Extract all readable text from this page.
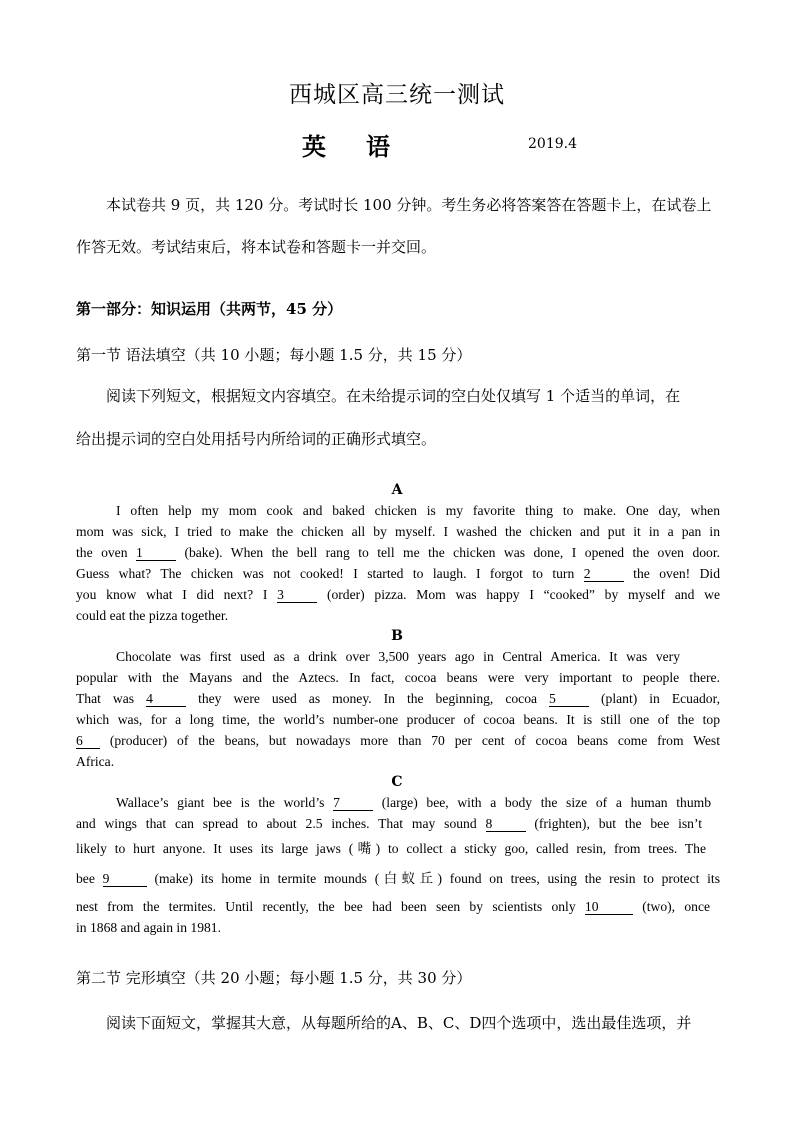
西城区高三统一测试
英语	2019.4
本试卷共 9 页，共 120 分。考试时长 100 分钟。考生务必将答案答在答题卡上，在试卷上
作答无效。考试结束后，将本试卷和答题卡一并交回。
第一部分：知识运用（共两节，45 分）
第一节 语法填空（共 10 小题；每小题 1.5 分，共 15 分）
阅读下列短文，根据短文内容填空。在未给提示词的空白处仅填写 1 个适当的单词，在
给出提示词的空白处用括号内所给词的正确形式填空。
A
I often help my mom cook and baked chicken is my favorite thing to make. One day, when
mom was sick, I tried to make the chicken all by myself. I washed the chicken and put it in a pan in
the oven 1	(bake). When the bell rang to tell me the chicken was done, I opened the oven door.
Guess what? The chicken was not cooked! I started to laugh. I forgot to turn 2	the oven! Did
you know what I did next? I 3	(order) pizza. Mom was happy I “cooked” by myself and we
could eat the pizza together.
B
Chocolate was first used as a drink over 3,500 years ago in Central America. It was very
popular with the Mayans and the Aztecs. In fact, cocoa beans were very important to people there.
That was 4	they were used as money. In the beginning, cocoa 5	(plant) in Ecuador,
which was, for a long time, the world’s number-one producer of cocoa beans. It is still one of the top
6 (producer) of the beans, but nowadays more than 70 per cent of cocoa beans come from West
Africa.
C
Wallace’s giant bee is the world’s 7	(large) bee, with a body the size of a human thumb
and wings that can spread to about 2.5 inches. That may sound 8	(frighten), but the bee isn’t
likely to hurt anyone. It uses its large jaws (嘴) to collect a sticky goo, called resin, from trees. The
bee 9	(make) its home in termite mounds (白蚁丘) found on trees, using the resin to protect its
nest from the termites. Until recently, the bee had been seen by scientists only 10	(two), once
in 1868 and again in 1981.
第二节 完形填空（共 20 小题；每小题 1.5 分，共 30 分）
阅读下面短文，掌握其大意，从每题所给的A、B、C、D四个选项中，选出最佳选项，并
